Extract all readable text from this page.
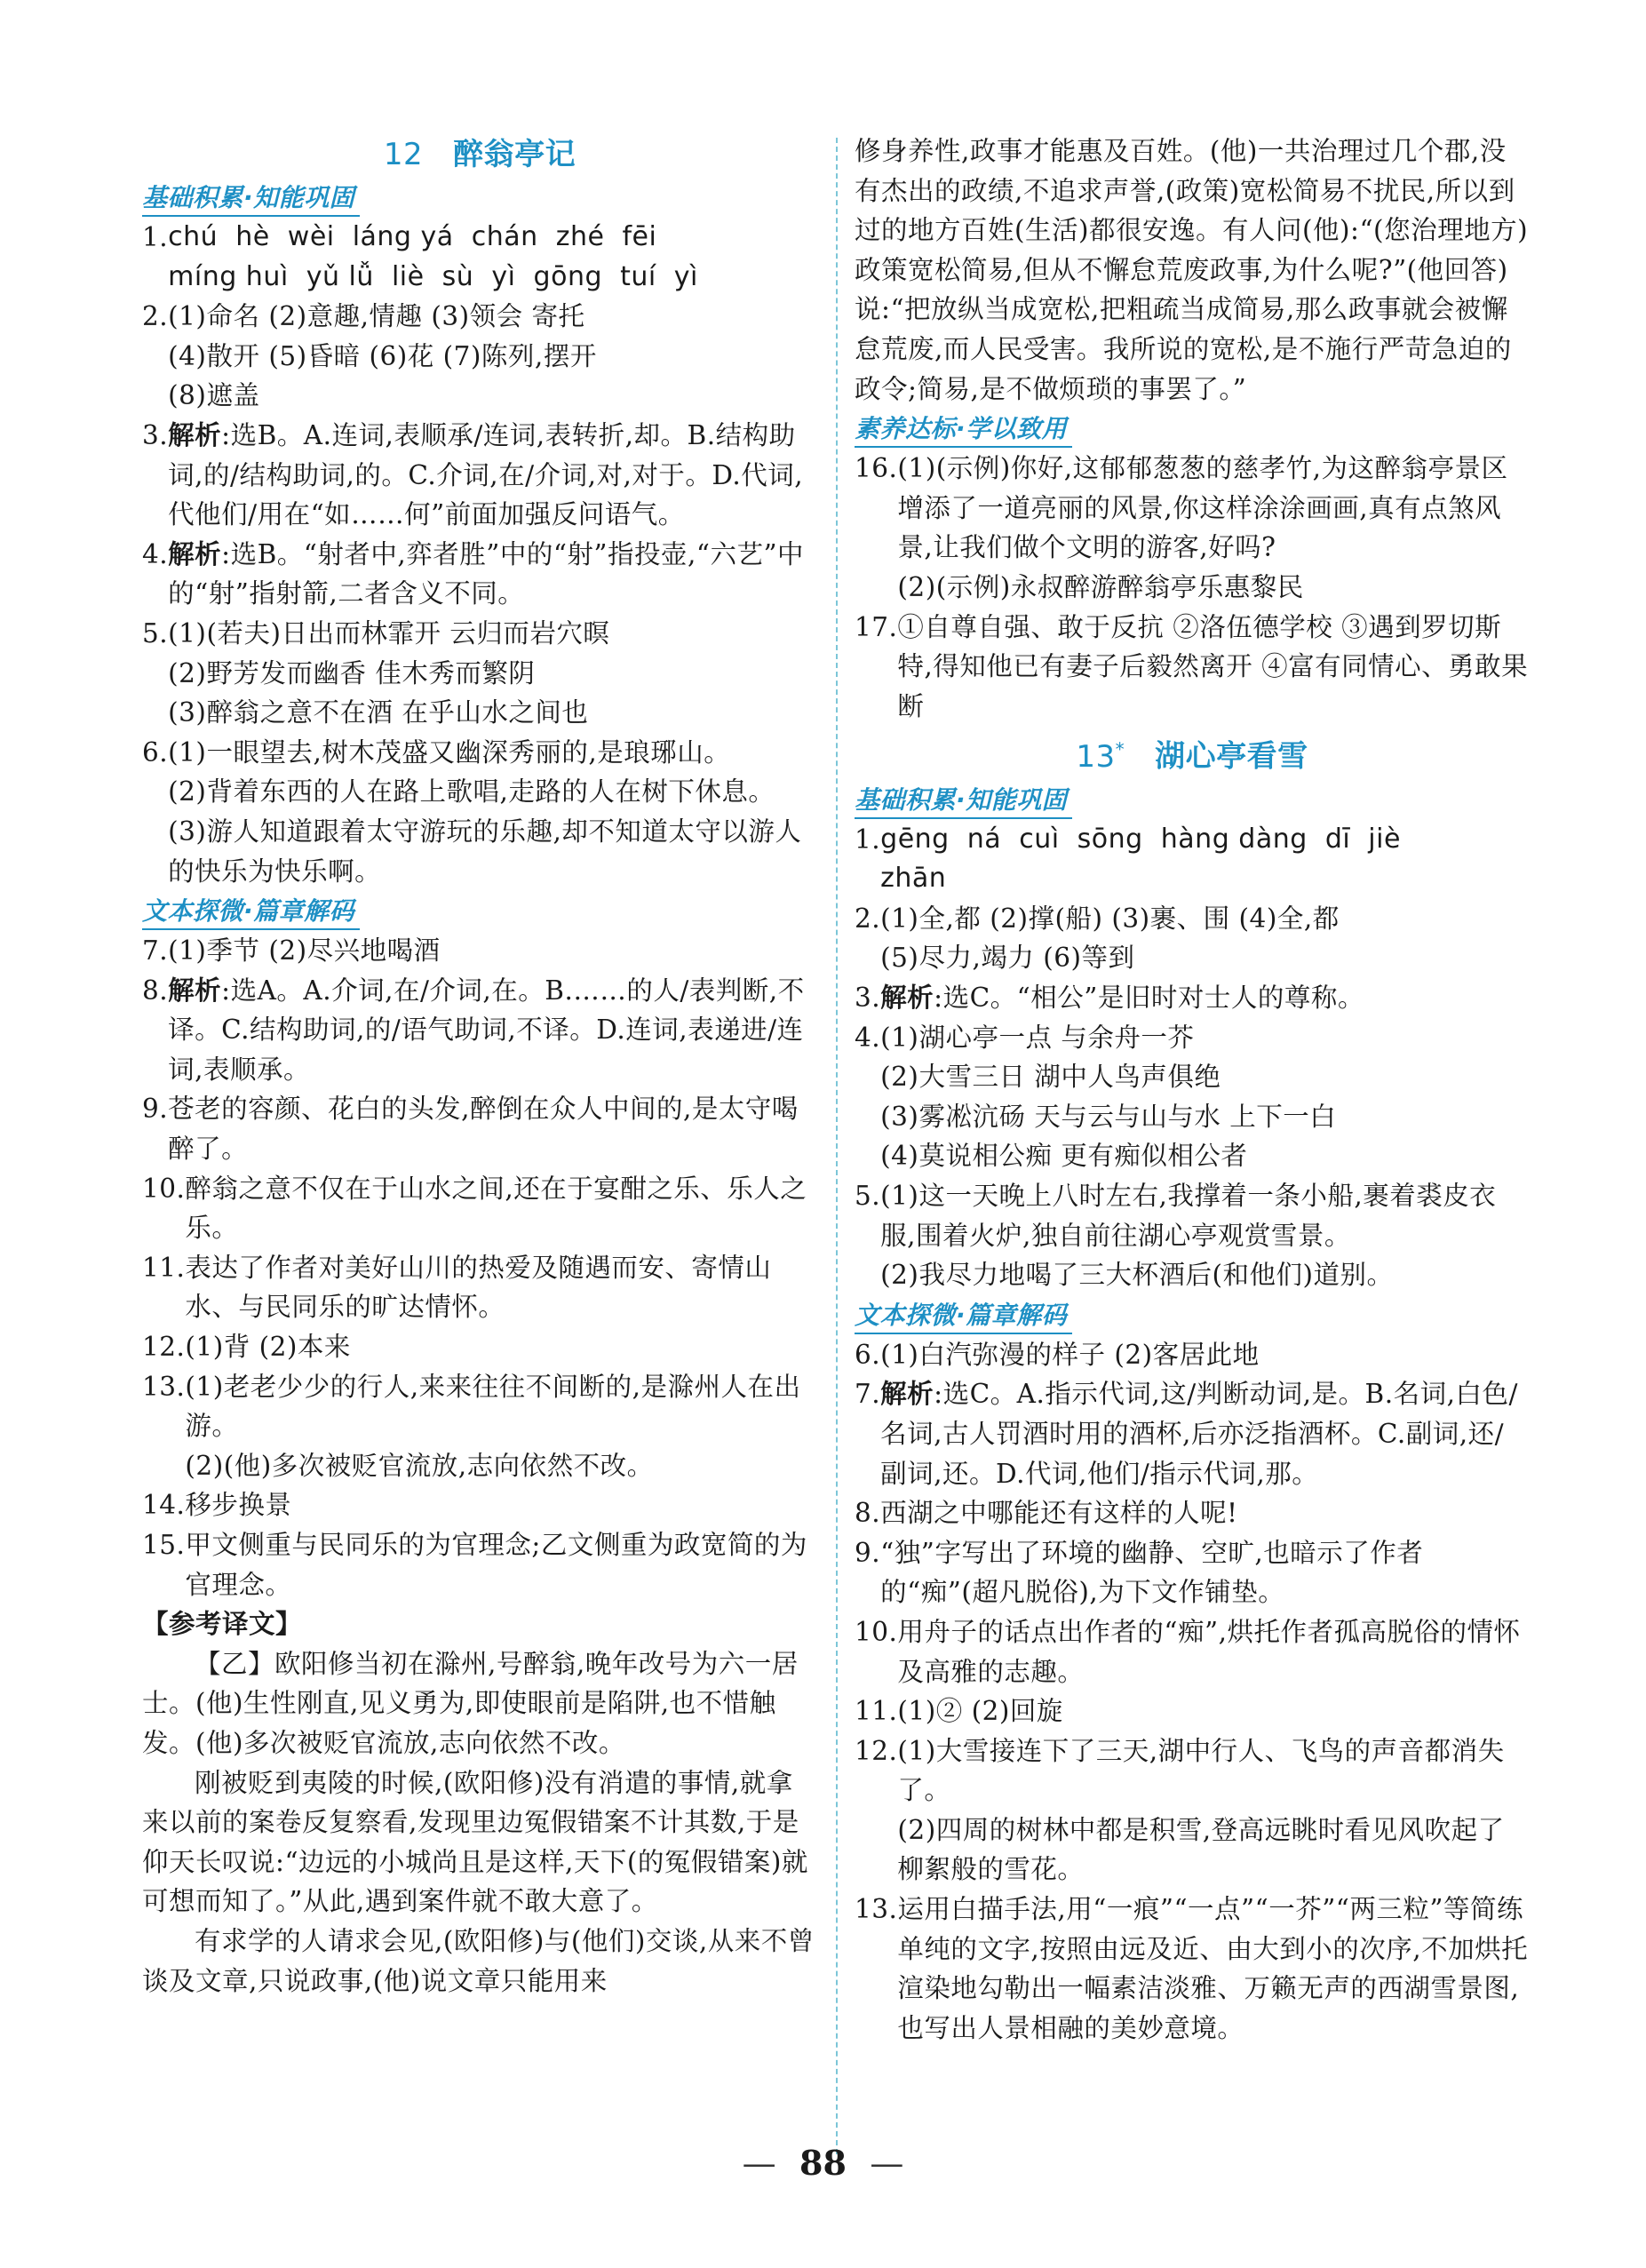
12 醉翁亭记
基础积累·知能巩固
1. chú  hè  wèi  láng yá  chán  zhé  fēi
míng huì  yǔ lǚ  liè  sù  yì  gōng  tuí  yì
2. (1)命名 (2)意趣,情趣 (3)领会 寄托
(4)散开 (5)昏暗 (6)花 (7)陈列,摆开
(8)遮盖
3. 解析:选B。A.连词,表顺承/连词,表转折,却。B.结构助词,的/结构助词,的。C.介词,在/介词,对,对于。D.代词,代他们/用在“如……何”前面加强反问语气。
4. 解析:选B。“射者中,弈者胜”中的“射”指投壶,“六艺”中的“射”指射箭,二者含义不同。
5. (1)(若夫)日出而林霏开 云归而岩穴暝
(2)野芳发而幽香 佳木秀而繁阴
(3)醉翁之意不在酒 在乎山水之间也
6. (1)一眼望去,树木茂盛又幽深秀丽的,是琅琊山。
(2)背着东西的人在路上歌唱,走路的人在树下休息。
(3)游人知道跟着太守游玩的乐趣,却不知道太守以游人的快乐为快乐啊。
文本探微·篇章解码
7. (1)季节 (2)尽兴地喝酒
8. 解析:选A。A.介词,在/介词,在。B.……的人/表判断,不译。C.结构助词,的/语气助词,不译。D.连词,表递进/连词,表顺承。
9. 苍老的容颜、花白的头发,醉倒在众人中间的,是太守喝醉了。
10. 醉翁之意不仅在于山水之间,还在于宴酣之乐、乐人之乐。
11. 表达了作者对美好山川的热爱及随遇而安、寄情山水、与民同乐的旷达情怀。
12. (1)背 (2)本来
13. (1)老老少少的行人,来来往往不间断的,是滁州人在出游。
(2)(他)多次被贬官流放,志向依然不改。
14. 移步换景
15. 甲文侧重与民同乐的为官理念;乙文侧重为政宽简的为官理念。
【参考译文】
【乙】欧阳修当初在滁州,号醉翁,晚年改号为六一居士。(他)生性刚直,见义勇为,即使眼前是陷阱,也不惜触发。(他)多次被贬官流放,志向依然不改。
刚被贬到夷陵的时候,(欧阳修)没有消遣的事情,就拿来以前的案卷反复察看,发现里边冤假错案不计其数,于是仰天长叹说:“边远的小城尚且是这样,天下(的冤假错案)就可想而知了。”从此,遇到案件就不敢大意了。
有求学的人请求会见,(欧阳修)与(他们)交谈,从来不曾谈及文章,只说政事,(他)说文章只能用来
修身养性,政事才能惠及百姓。(他)一共治理过几个郡,没有杰出的政绩,不追求声誉,(政策)宽松简易不扰民,所以到过的地方百姓(生活)都很安逸。有人问(他):“(您治理地方)政策宽松简易,但从不懈怠荒废政事,为什么呢?”(他回答)说:“把放纵当成宽松,把粗疏当成简易,那么政事就会被懈怠荒废,而人民受害。我所说的宽松,是不施行严苛急迫的政令;简易,是不做烦琐的事罢了。”
素养达标·学以致用
16. (1)(示例)你好,这郁郁葱葱的慈孝竹,为这醉翁亭景区增添了一道亮丽的风景,你这样涂涂画画,真有点煞风景,让我们做个文明的游客,好吗?
(2)(示例)永叔醉游醉翁亭乐惠黎民
17. ①自尊自强、敢于反抗 ②洛伍德学校 ③遇到罗切斯特,得知他已有妻子后毅然离开 ④富有同情心、勇敢果断
13* 湖心亭看雪
基础积累·知能巩固
1. gēng  ná  cuì  sōng  hàng dàng  dī  jiè
zhān
2. (1)全,都 (2)撑(船) (3)裹、围 (4)全,都
(5)尽力,竭力 (6)等到
3. 解析:选C。“相公”是旧时对士人的尊称。
4. (1)湖心亭一点 与余舟一芥
(2)大雪三日 湖中人鸟声俱绝
(3)雾凇沆砀 天与云与山与水 上下一白
(4)莫说相公痴 更有痴似相公者
5. (1)这一天晚上八时左右,我撑着一条小船,裹着裘皮衣服,围着火炉,独自前往湖心亭观赏雪景。
(2)我尽力地喝了三大杯酒后(和他们)道别。
文本探微·篇章解码
6. (1)白汽弥漫的样子 (2)客居此地
7. 解析:选C。A.指示代词,这/判断动词,是。B.名词,白色/名词,古人罚酒时用的酒杯,后亦泛指酒杯。C.副词,还/副词,还。D.代词,他们/指示代词,那。
8. 西湖之中哪能还有这样的人呢!
9. “独”字写出了环境的幽静、空旷,也暗示了作者的“痴”(超凡脱俗),为下文作铺垫。
10. 用舟子的话点出作者的“痴”,烘托作者孤高脱俗的情怀及高雅的志趣。
11. (1)② (2)回旋
12. (1)大雪接连下了三天,湖中行人、飞鸟的声音都消失了。
(2)四周的树林中都是积雪,登高远眺时看见风吹起了柳絮般的雪花。
13. 运用白描手法,用“一痕”“一点”“一芥”“两三粒”等简练单纯的文字,按照由远及近、由大到小的次序,不加烘托渲染地勾勒出一幅素洁淡雅、万籁无声的西湖雪景图,也写出人景相融的美妙意境。
— 88 —
